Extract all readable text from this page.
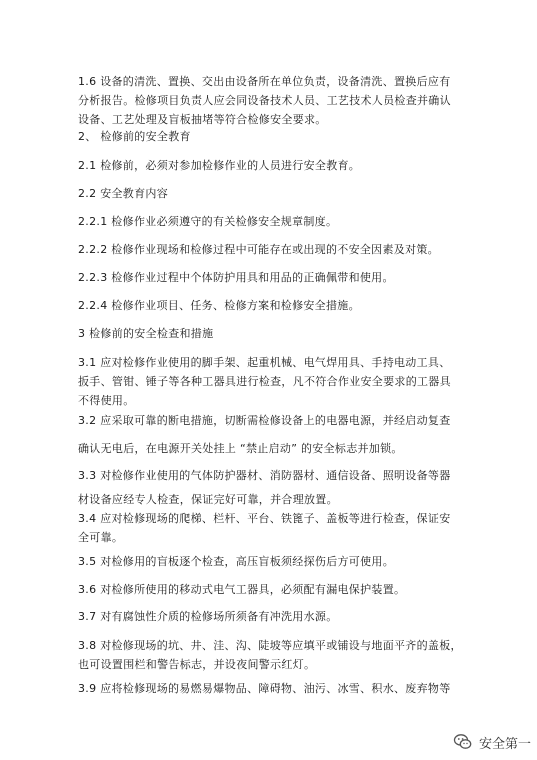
1.6 设备的清洗、置换、交出由设备所在单位负责，设备清洗、置换后应有
分析报告。检修项目负责人应会同设备技术人员、工艺技术人员检查并确认
设备、工艺处理及盲板抽堵等符合检修安全要求。
2、 检修前的安全教育
2.1 检修前，必须对参加检修作业的人员进行安全教育。
2.2 安全教育内容
2.2.1 检修作业必须遵守的有关检修安全规章制度。
2.2.2 检修作业现场和检修过程中可能存在或出现的不安全因素及对策。
2.2.3 检修作业过程中个体防护用具和用品的正确佩带和使用。
2.2.4 检修作业项目、任务、检修方案和检修安全措施。
3 检修前的安全检查和措施
3.1 应对检修作业使用的脚手架、起重机械、电气焊用具、手持电动工具、
扳手、管钳、锤子等各种工器具进行检查，凡不符合作业安全要求的工器具
不得使用。
3.2 应采取可靠的断电措施，切断需检修设备上的电器电源，并经启动复查
确认无电后，在电源开关处挂上 “禁止启动” 的安全标志并加锁。
3.3 对检修作业使用的气体防护器材、消防器材、通信设备、照明设备等器
材设备应经专人检查，保证完好可靠，并合理放置。
3.4 应对检修现场的爬梯、栏杆、平台、铁篦子、盖板等进行检查，保证安
全可靠。
3.5 对检修用的盲板逐个检查，高压盲板须经探伤后方可使用。
3.6 对检修所使用的移动式电气工器具，必须配有漏电保护装置。
3.7 对有腐蚀性介质的检修场所须备有冲洗用水源。
3.8 对检修现场的坑、井、洼、沟、陡坡等应填平或铺设与地面平齐的盖板，
也可设置围栏和警告标志，并设夜间警示红灯。
3.9 应将检修现场的易燃易爆物品、障碍物、油污、冰雪、积水、废弃物等
安全第一
